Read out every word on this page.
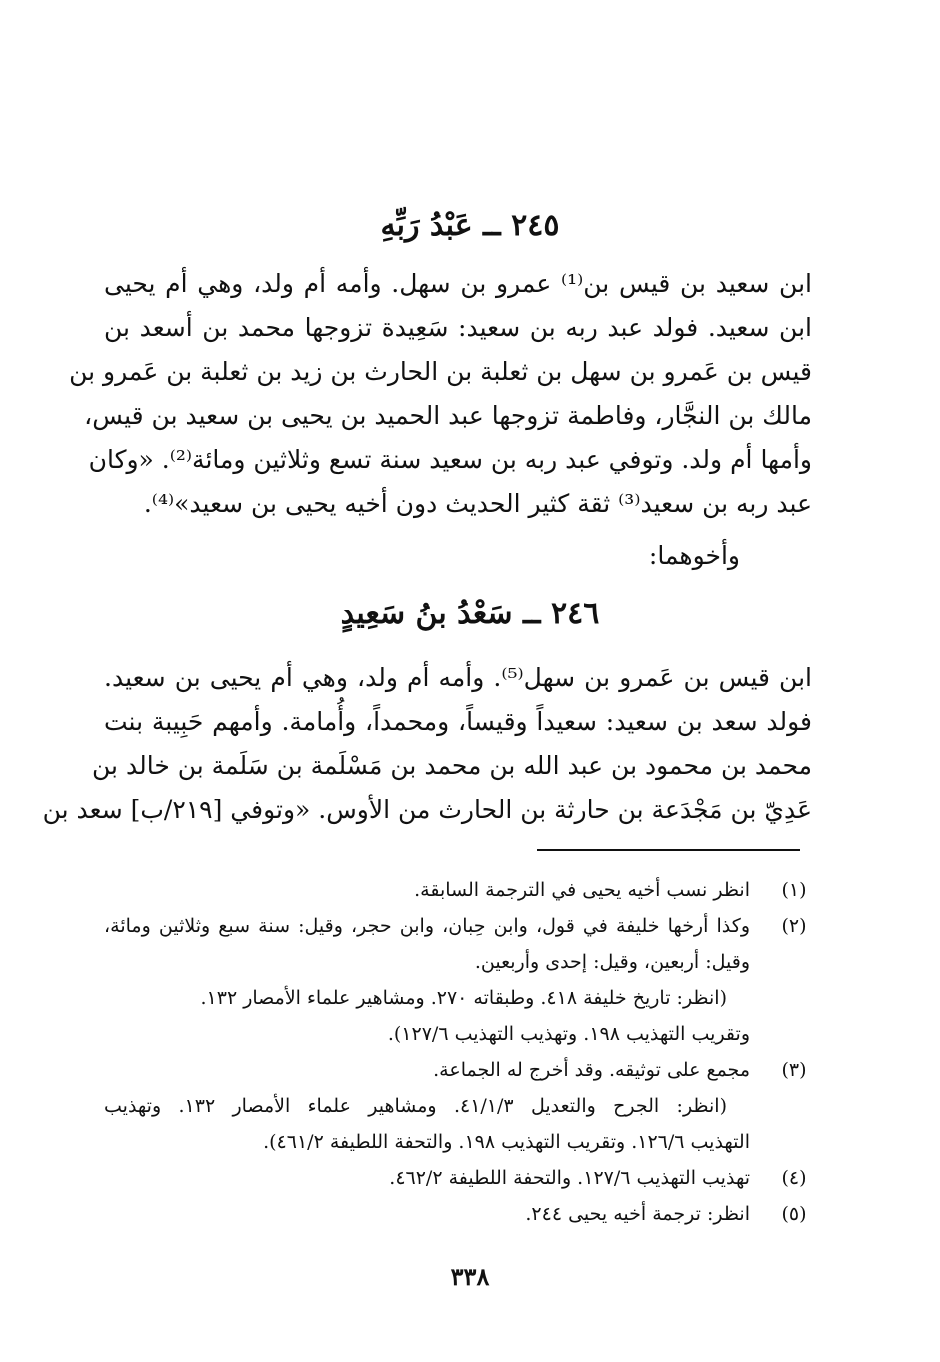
٢٤٥ ــ عَبْدُ رَبِّهِ
ابن سعيد بن قيس بن⁽¹⁾ عمرو بن سهل. وأمه أم ولد، وهي أم يحيى
ابن سعيد. فولد عبد ربه بن سعيد: سَعِيدة تزوجها محمد بن أسعد بن
قيس بن عَمرو بن سهل بن ثعلبة بن الحارث بن زيد بن ثعلبة بن عَمرو بن
مالك بن النجَّار، وفاطمة تزوجها عبد الحميد بن يحيى بن سعيد بن قيس،
وأمها أم ولد. وتوفي عبد ربه بن سعيد سنة تسع وثلاثين ومائة⁽²⁾. «وكان
عبد ربه بن سعيد⁽³⁾ ثقة كثير الحديث دون أخيه يحيى بن سعيد»⁽⁴⁾.
وأخوهما:
٢٤٦ ــ سَعْدُ بنُ سَعِيدٍ
ابن قيس بن عَمرو بن سهل⁽⁵⁾. وأمه أم ولد، وهي أم يحيى بن سعيد.
فولد سعد بن سعيد: سعيداً وقيساً، ومحمداً، وأُمامة. وأمهم حَبِيبة بنت
محمد بن محمود بن عبد الله بن محمد بن مَسْلَمة بن سَلَمة بن خالد بن
عَدِيّ بن مَجْدَعة بن حارثة بن الحارث من الأوس. «وتوفي [٢١٩/ب] سعد بن
(١)
انظر نسب أخيه يحيى في الترجمة السابقة.
(٢)
وكذا أرخها خليفة في قول، وابن حِبان، وابن حجر، وقيل: سنة سبع وثلاثين ومائة،
وقيل: أربعين، وقيل: إحدى وأربعين.
(انظر: تاريخ خليفة ٤١٨. وطبقاته ٢٧٠. ومشاهير علماء الأمصار ١٣٢.
وتقريب التهذيب ١٩٨. وتهذيب التهذيب ١٢٧/٦).
(٣)
مجمع على توثيقه. وقد أخرج له الجماعة.
(انظر: الجرح والتعديل ٤١/١/٣. ومشاهير علماء الأمصار ١٣٢. وتهذيب
التهذيب ١٢٦/٦. وتقريب التهذيب ١٩٨. والتحفة اللطيفة ٤٦١/٢).
(٤)
تهذيب التهذيب ١٢٧/٦. والتحفة اللطيفة ٤٦٢/٢.
(٥)
انظر: ترجمة أخيه يحيى ٢٤٤.
٣٣٨
